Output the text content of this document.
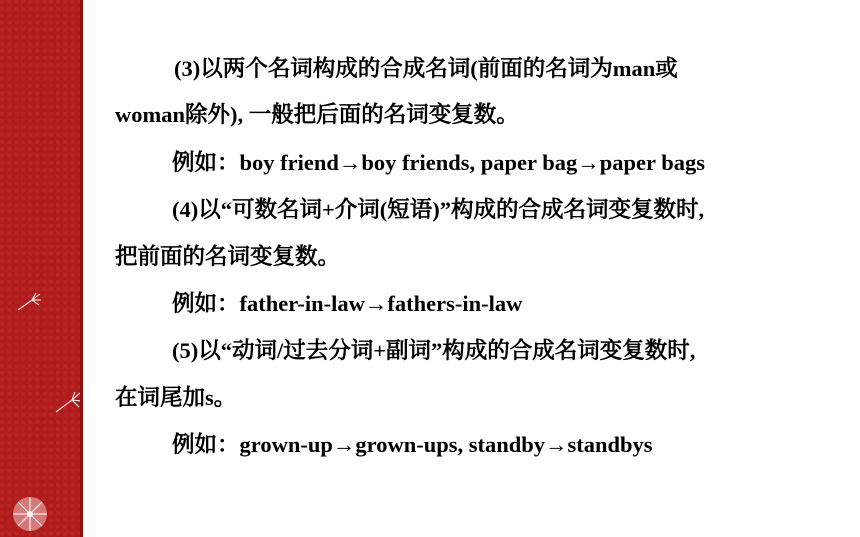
(3)以两个名词构成的合成名词(前面的名词为man或
woman除外), 一般把后面的名词变复数。
例如：boy friend→boy friends, paper bag→paper bags
(4)以“可数名词+介词(短语)”构成的合成名词变复数时,
把前面的名词变复数。
例如：father-in-law→fathers-in-law
(5)以“动词/过去分词+副词”构成的合成名词变复数时,
在词尾加s。
例如：grown-up→grown-ups, standby→standbys
